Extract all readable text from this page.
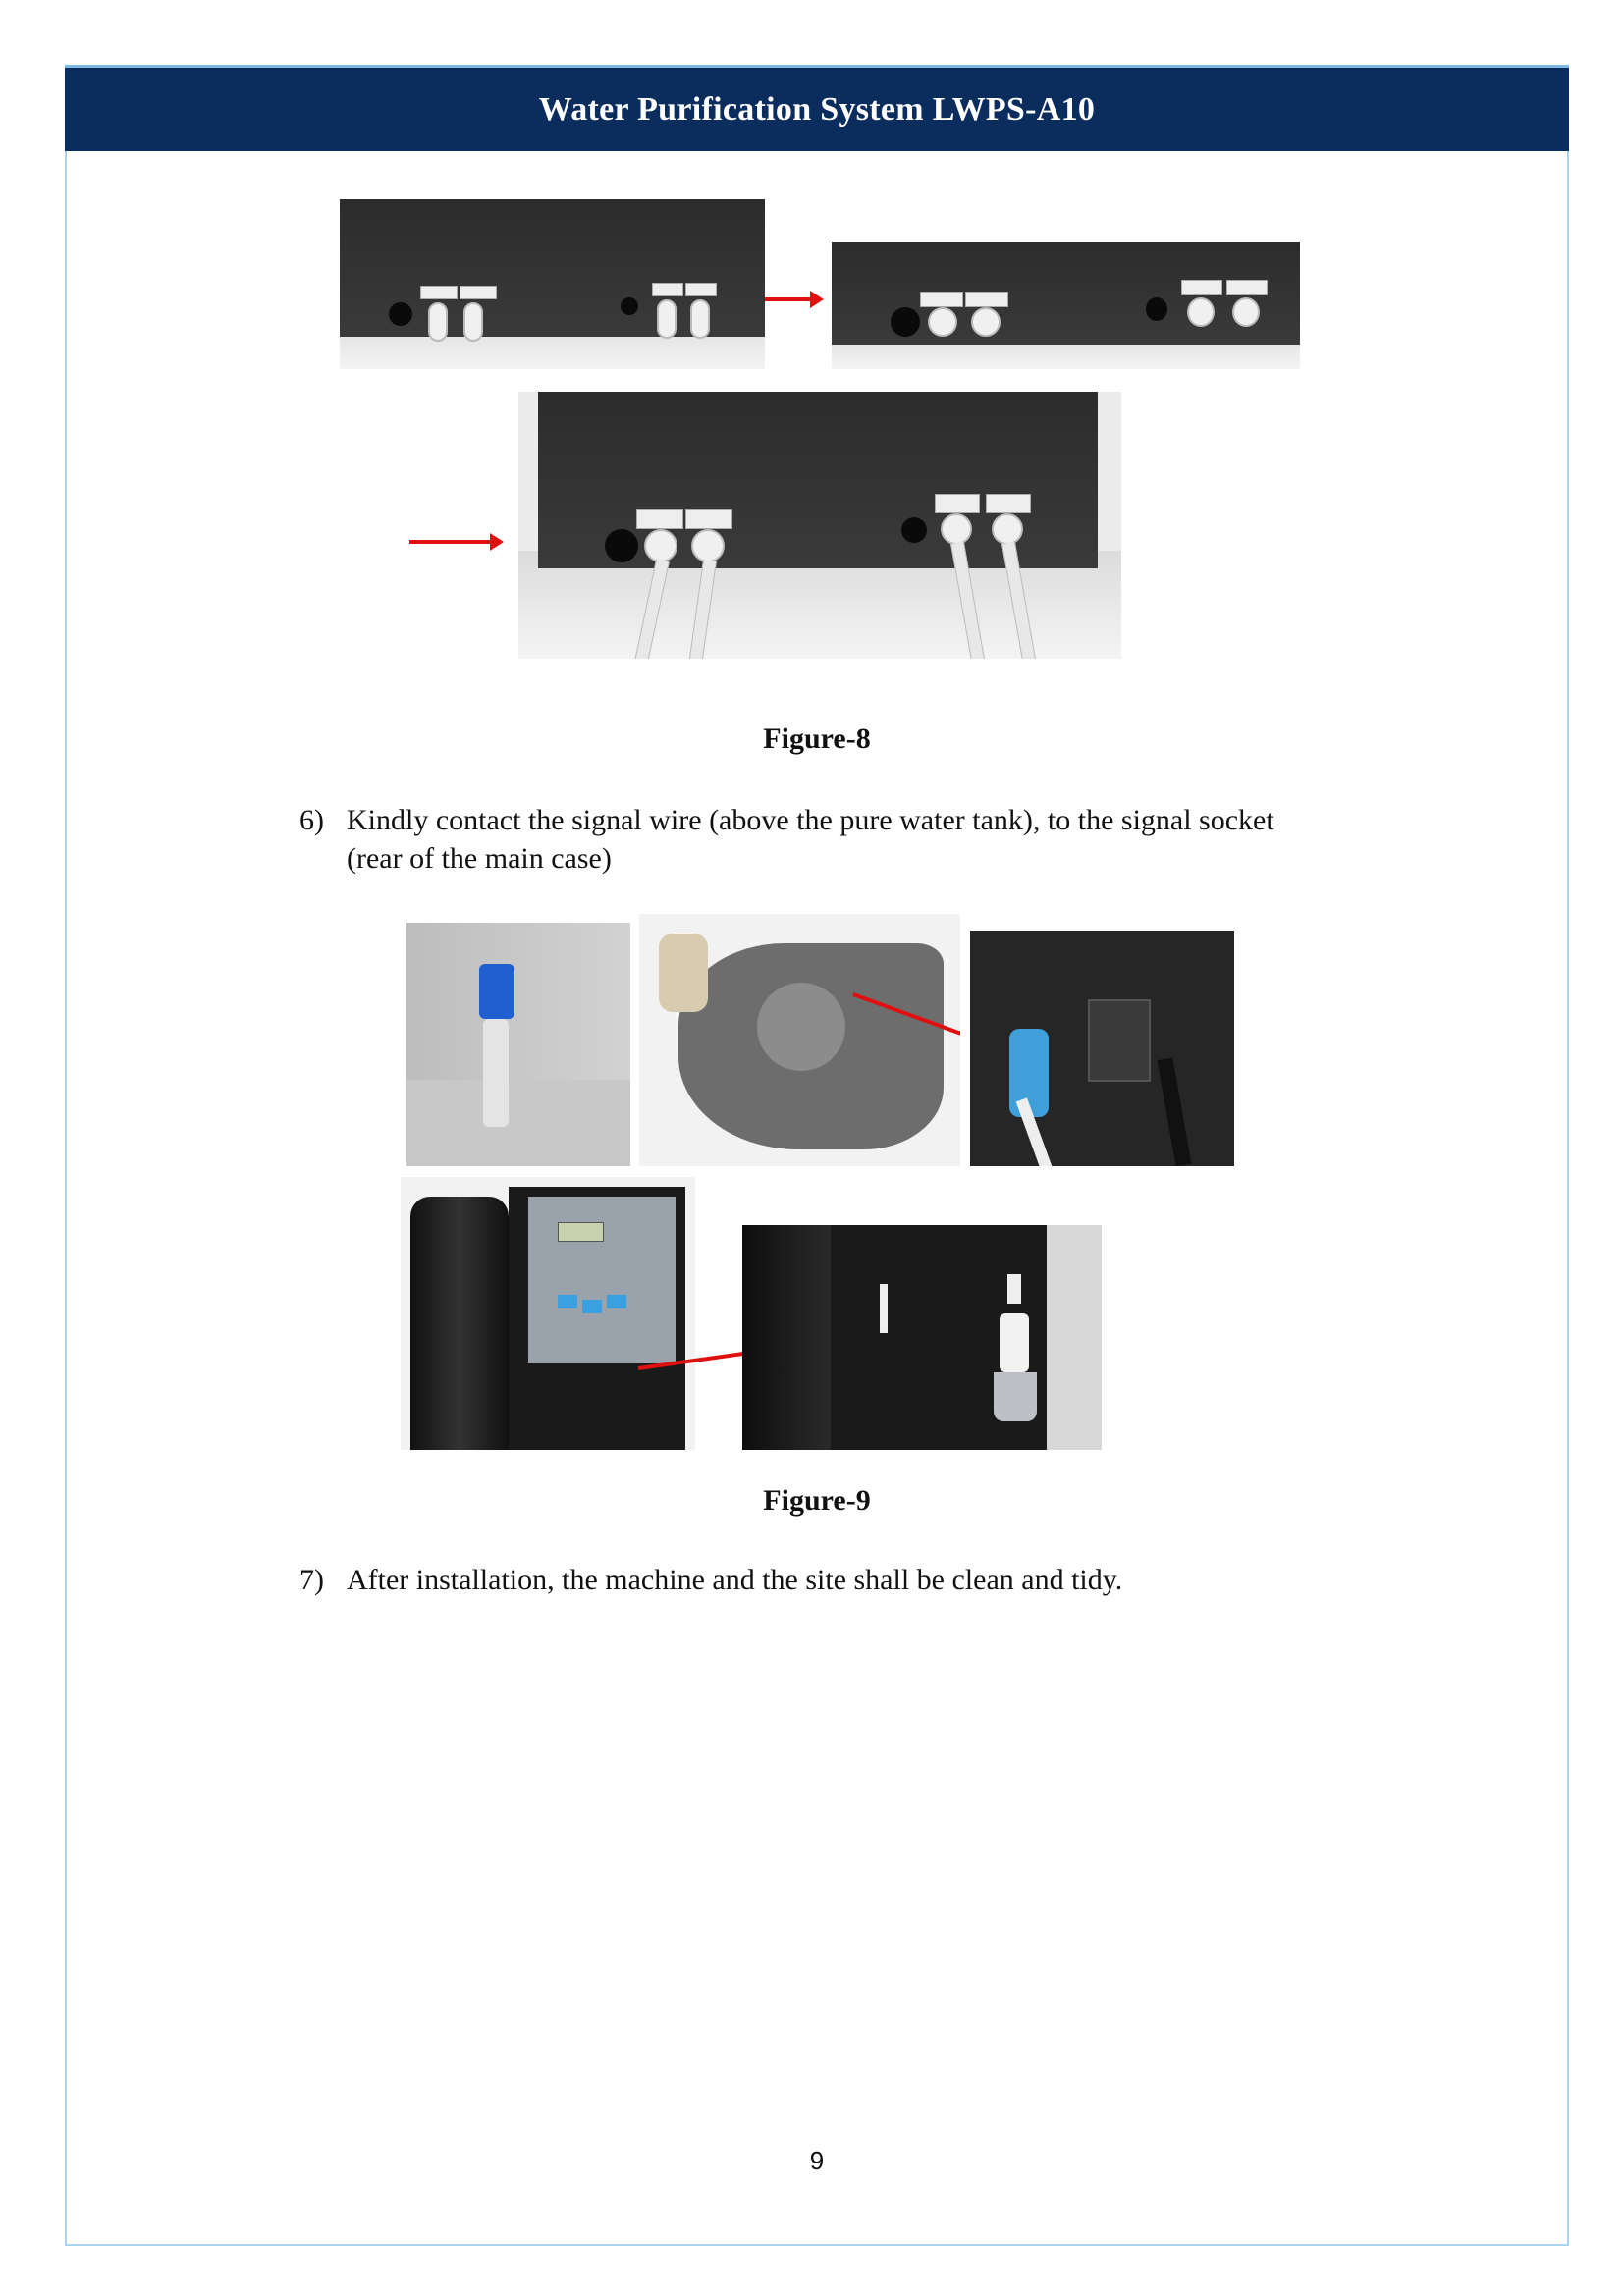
Water Purification System LWPS-A10
Figure-8
6) Kindly contact the signal wire (above the pure water tank), to the signal socket
(rear of the main case)
Figure-9
7) After installation, the machine and the site shall be clean and tidy.
9
